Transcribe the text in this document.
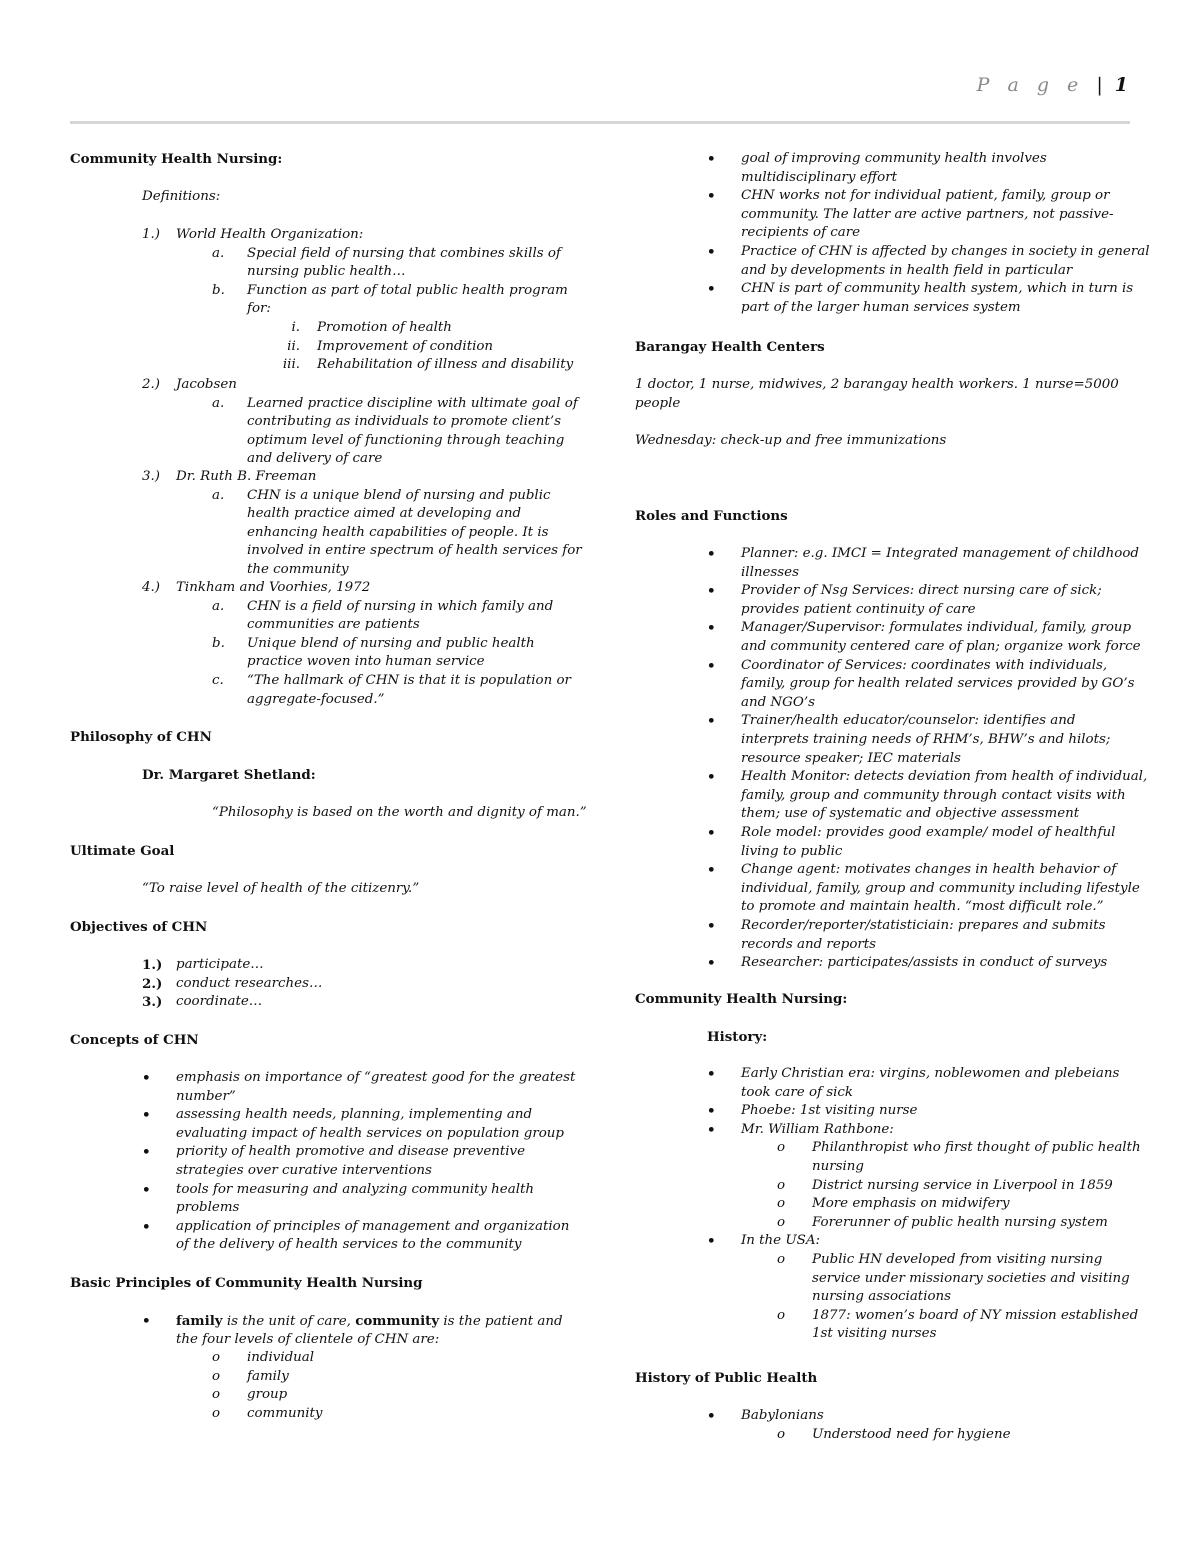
P a g e | 1
Community Health Nursing:
Definitions:
1.) World Health Organization:
a. Special field of nursing that combines skills of
nursing public health…
b. Function as part of total public health program
for:
i. Promotion of health
ii. Improvement of condition
iii. Rehabilitation of illness and disability
2.) Jacobsen
a. Learned practice discipline with ultimate goal of
contributing as individuals to promote client’s
optimum level of functioning through teaching
and delivery of care
3.) Dr. Ruth B. Freeman
a. CHN is a unique blend of nursing and public
health practice aimed at developing and
enhancing health capabilities of people. It is
involved in entire spectrum of health services for
the community
4.) Tinkham and Voorhies, 1972
a. CHN is a field of nursing in which family and
communities are patients
b. Unique blend of nursing and public health
practice woven into human service
c. “The hallmark of CHN is that it is population or
aggregate-focused.”
Philosophy of CHN
Dr. Margaret Shetland:
“Philosophy is based on the worth and dignity of man.”
Ultimate Goal
“To raise level of health of the citizenry.”
Objectives of CHN
1.) participate…
2.) conduct researches…
3.) coordinate…
Concepts of CHN
• emphasis on importance of “greatest good for the greatest
number”
• assessing health needs, planning, implementing and
evaluating impact of health services on population group
• priority of health promotive and disease preventive
strategies over curative interventions
• tools for measuring and analyzing community health
problems
• application of principles of management and organization
of the delivery of health services to the community
Basic Principles of Community Health Nursing
• family is the unit of care, community is the patient and
the four levels of clientele of CHN are:
o individual
o family
o group
o community
• goal of improving community health involves
multidisciplinary effort
• CHN works not for individual patient, family, group or
community. The latter are active partners, not passive-
recipients of care
• Practice of CHN is affected by changes in society in general
and by developments in health field in particular
• CHN is part of community health system, which in turn is
part of the larger human services system
Barangay Health Centers
1 doctor, 1 nurse, midwives, 2 barangay health workers. 1 nurse=5000
people
Wednesday: check-up and free immunizations
Roles and Functions
• Planner: e.g. IMCI = Integrated management of childhood
illnesses
• Provider of Nsg Services: direct nursing care of sick;
provides patient continuity of care
• Manager/Supervisor: formulates individual, family, group
and community centered care of plan; organize work force
• Coordinator of Services: coordinates with individuals,
family, group for health related services provided by GO’s
and NGO’s
• Trainer/health educator/counselor: identifies and
interprets training needs of RHM’s, BHW’s and hilots;
resource speaker; IEC materials
• Health Monitor: detects deviation from health of individual,
family, group and community through contact visits with
them; use of systematic and objective assessment
• Role model: provides good example/ model of healthful
living to public
• Change agent: motivates changes in health behavior of
individual, family, group and community including lifestyle
to promote and maintain health. “most difficult role.”
• Recorder/reporter/statisticiain: prepares and submits
records and reports
• Researcher: participates/assists in conduct of surveys
Community Health Nursing:
History:
• Early Christian era: virgins, noblewomen and plebeians
took care of sick
• Phoebe: 1st visiting nurse
• Mr. William Rathbone:
o Philanthropist who first thought of public health
nursing
o District nursing service in Liverpool in 1859
o More emphasis on midwifery
o Forerunner of public health nursing system
• In the USA:
o Public HN developed from visiting nursing
service under missionary societies and visiting
nursing associations
o 1877: women’s board of NY mission established
1st visiting nurses
History of Public Health
• Babylonians
o Understood need for hygiene
